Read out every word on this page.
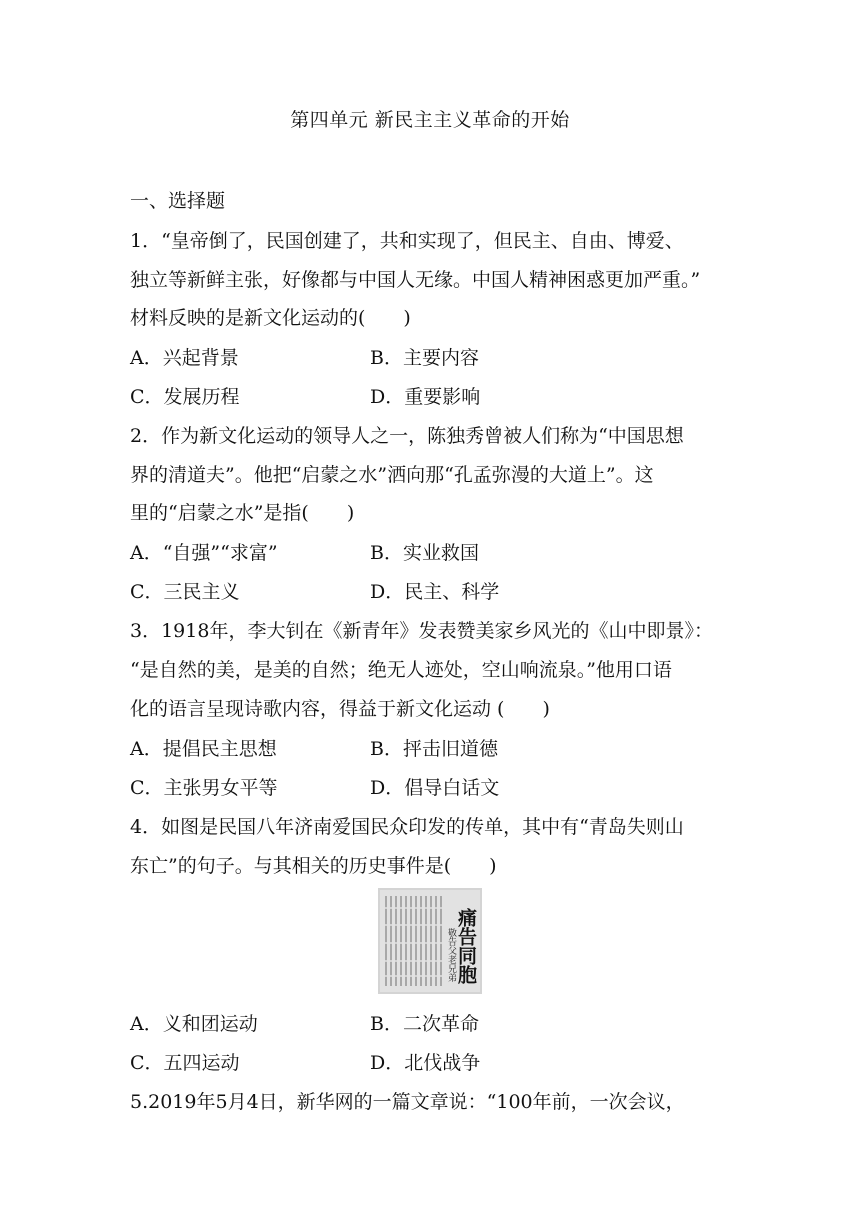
第四单元 新民主主义革命的开始
一、选择题
1．“皇帝倒了，民国创建了，共和实现了，但民主、自由、博爱、
独立等新鲜主张，好像都与中国人无缘。中国人精神困惑更加严重。”
材料反映的是新文化运动的(　　)
A．兴起背景	B．主要内容
C．发展历程	D．重要影响
2．作为新文化运动的领导人之一，陈独秀曾被人们称为“中国思想
界的清道夫”。他把“启蒙之水”洒向那“孔孟弥漫的大道上”。这
里的“启蒙之水”是指(　　)
A．“自强”“求富”	B．实业救国
C．三民主义	D．民主、科学
3．1918年，李大钊在《新青年》发表赞美家乡风光的《山中即景》：
“是自然的美，是美的自然；绝无人迹处，空山响流泉。”他用口语
化的语言呈现诗歌内容，得益于新文化运动 (　　)
A．提倡民主思想	B．抨击旧道德
C．主张男女平等	D．倡导白话文
4．如图是民国八年济南爱国民众印发的传单，其中有“青岛失则山
东亡”的句子。与其相关的历史事件是(　　)
痛告同胞
敬告父老兄弟
A．义和团运动	B．二次革命
C．五四运动	D．北伐战争
5.2019年5月4日，新华网的一篇文章说：“100年前，一次会议，
